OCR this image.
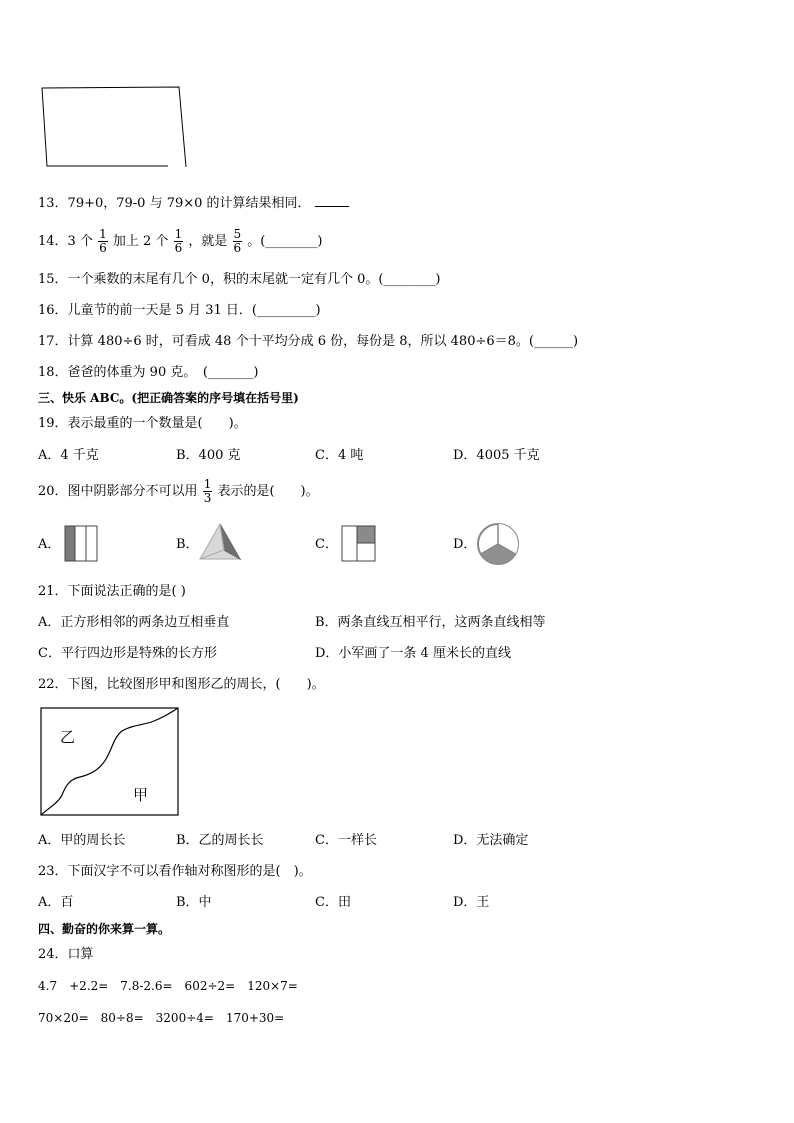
13．79+0，79-0 与 79×0 的计算结果相同．
14．3 个 $\frac{1}{6}$ 加上 2 个 $\frac{1}{6}$ ，就是 $\frac{5}{6}$ 。(________)
15．一个乘数的末尾有几个 0，积的末尾就一定有几个 0。(________)
16．儿童节的前一天是 5 月 31 日．(_________)
17．计算 480÷6 时，可看成 48 个十平均分成 6 份，每份是 8，所以 480÷6＝8。(______)
18．爸爸的体重为 90 克。　(_______)
三、快乐 ABC。(把正确答案的序号填在括号里)
19．表示最重的一个数量是(　　)。
A．4 千克	B．400 克	C．4 吨	D．4005 千克
20．图中阴影部分不可以用 $\frac{1}{3}$ 表示的是(　　)。
A．	B．	C．	D．
21．下面说法正确的是( )
A．正方形相邻的两条边互相垂直	B．两条直线互相平行，这两条直线相等
C．平行四边形是特殊的长方形	D．小军画了一条 4 厘米长的直线
22．下图，比较图形甲和图形乙的周长，(　　)。
乙
甲
A．甲的周长长	B．乙的周长长	C．一样长	D．无法确定
23．下面汉字不可以看作轴对称图形的是(　)。
A．百	B．中	C．田	D．王
四、勤奋的你来算一算。
24．口算
4.7　+2.2=　7.8-2.6=　602÷2=　120×7=
70×20=　80÷8=　3200÷4=　170+30=
